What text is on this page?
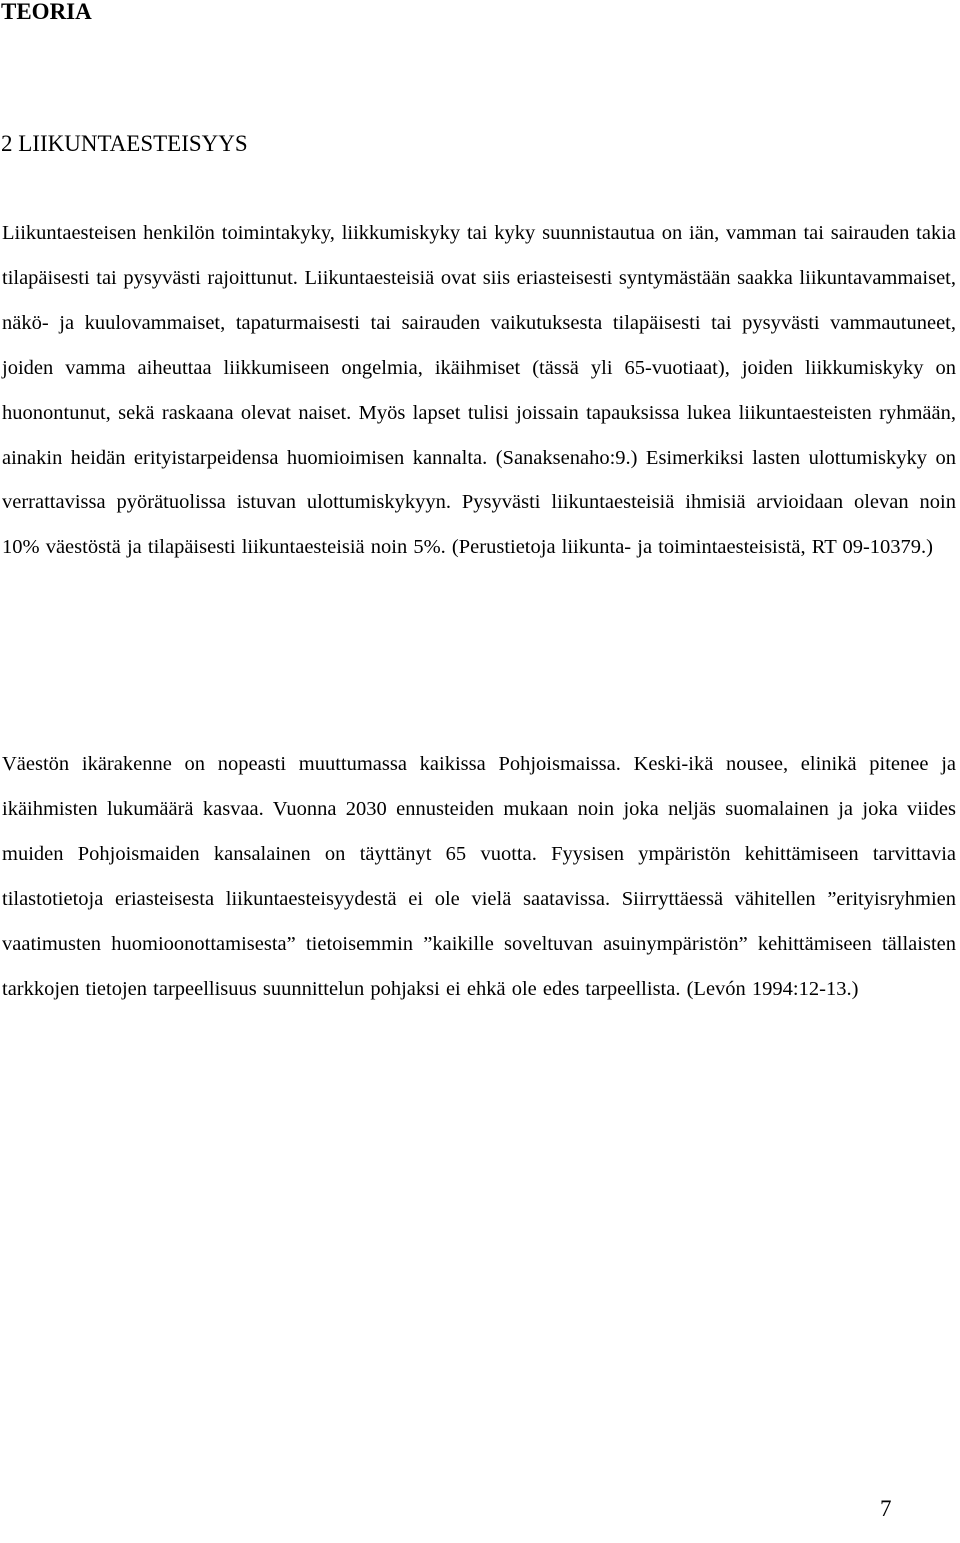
TEORIA
2 LIIKUNTAESTEISYYS

Liikuntaesteisen henkilön toimintakyky, liikkumiskyky tai kyky suunnistautua on iän, vamman tai sairauden takia tilapäisesti tai pysyvästi rajoittunut. Liikuntaesteisiä ovat siis eriasteisesti syntymästään saakka liikuntavammaiset, näkö- ja kuulovammaiset, tapaturmaisesti tai sairauden vaikutuksesta tilapäisesti tai pysyvästi vammautuneet, joiden vamma aiheuttaa liikkumiseen ongelmia, ikäihmiset (tässä yli 65-vuotiaat), joiden liikkumiskyky on huonontunut, sekä raskaana olevat naiset. Myös lapset tulisi joissain tapauksissa lukea liikuntaesteisten ryhmään, ainakin heidän erityistarpeidensa huomioimisen kannalta. (Sanaksenaho:9.) Esimerkiksi lasten ulottumiskyky on verrattavissa pyörätuolissa istuvan ulottumiskykyyn. Pysyvästi liikuntaesteisiä ihmisiä arvioidaan olevan noin 10% väestöstä ja tilapäisesti liikuntaesteisiä noin 5%. (Perustietoja liikunta- ja toimintaesteisistä, RT 09-10379.)

Väestön ikärakenne on nopeasti muuttumassa kaikissa Pohjoismaissa. Keski-ikä nousee, elinikä pitenee ja ikäihmisten lukumäärä kasvaa. Vuonna 2030 ennusteiden mukaan noin joka neljäs suomalainen ja joka viides muiden Pohjoismaiden kansalainen on täyttänyt 65 vuotta. Fyysisen ympäristön kehittämiseen tarvittavia tilastotietoja eriasteisesta liikuntaesteisyydestä ei ole vielä saatavissa. Siirryttäessä vähitellen ”erityisryhmien vaatimusten huomioonottamisesta” tietoisemmin ”kaikille soveltuvan asuinympäristön” kehittämiseen tällaisten tarkkojen tietojen tarpeellisuus suunnittelun pohjaksi ei ehkä ole edes tarpeellista. (Levón 1994:12-13.)

7
